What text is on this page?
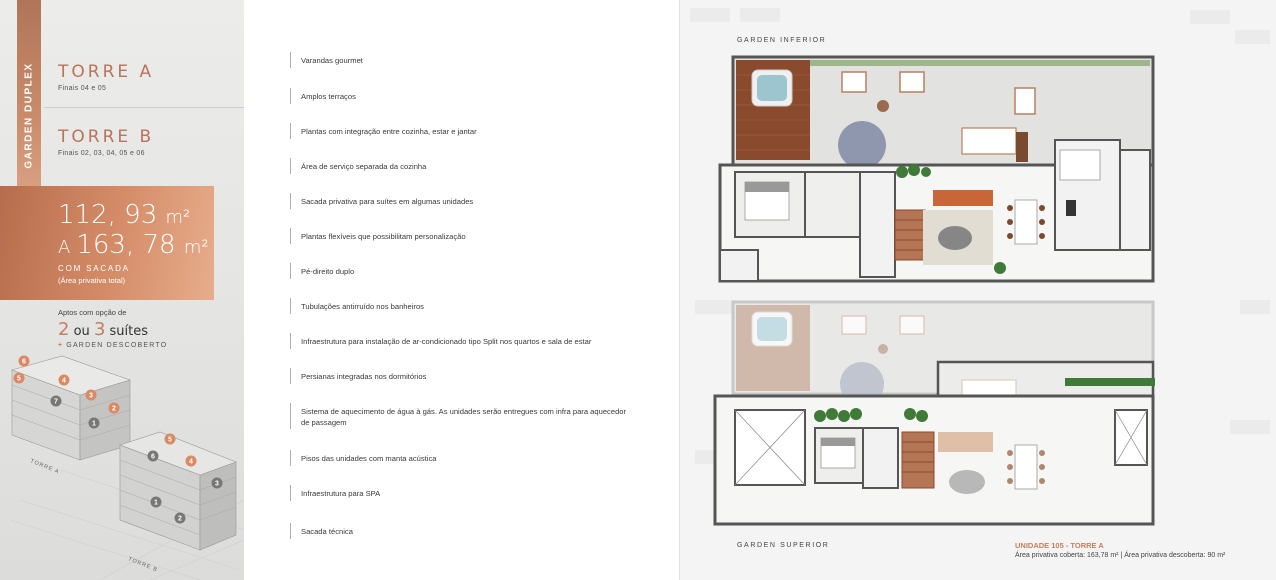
GARDEN DUPLEX TORRE A
Finais 04 e 05
TORRE B
Finais 02, 03, 04, 05 e 06
112, 93 m²
A 163, 78 m²
COM SACADA
(Área privativa total)
Aptos com opção de
2 ou 3 suítes
+ GARDEN DESCOBERTO
6
5	4
3
2
7
1
5
6
4
3
1
2
TORRE A
TORRE B
Varandas gourmet
Amplos terraços
Plantas com integração entre cozinha, estar e jantar
Área de serviço separada da cozinha
Sacada privativa para suítes em algumas unidades
Plantas flexíveis que possibilitam personalização
Pé-direito duplo
Tubulações antirruído nos banheiros
Infraestrutura para instalação de ar-condicionado tipo Split nos quartos e sala de estar
Persianas integradas nos dormitórios
Sistema de aquecimento de água à gás. As unidades serão entregues com infra para aquecedor de passagem
Pisos das unidades com manta acústica
Infraestrutura para SPA
Sacada técnica
GARDEN INFERIOR
GARDEN SUPERIOR	UNIDADE 105 - TORRE A
Área privativa coberta: 163,78 m² | Área privativa descoberta: 90 m²
